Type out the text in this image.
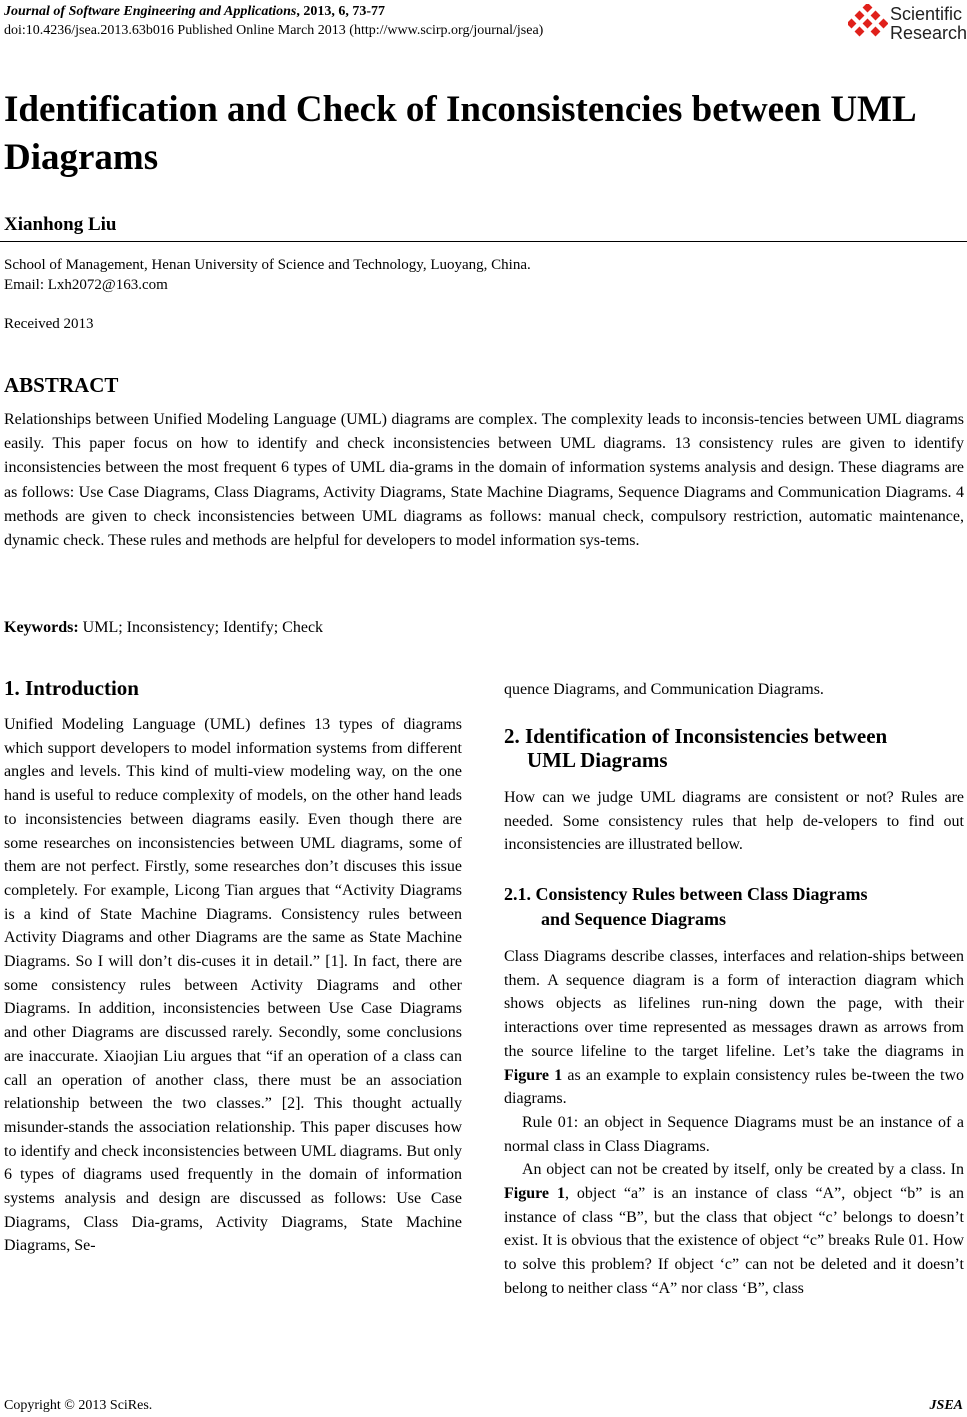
Journal of Software Engineering and Applications, 2013, 6, 73-77
doi:10.4236/jsea.2013.63b016 Published Online March 2013 (http://www.scirp.org/journal/jsea)
Scientific
Research
Identification and Check of Inconsistencies between UML Diagrams
Xianhong Liu
School of Management, Henan University of Science and Technology, Luoyang, China.
Email: Lxh2072@163.com
Received 2013
ABSTRACT
Relationships between Unified Modeling Language (UML) diagrams are complex. The complexity leads to inconsis-tencies between UML diagrams easily. This paper focus on how to identify and check inconsistencies between UML diagrams. 13 consistency rules are given to identify inconsistencies between the most frequent 6 types of UML dia-grams in the domain of information systems analysis and design. These diagrams are as follows: Use Case Diagrams, Class Diagrams, Activity Diagrams, State Machine Diagrams, Sequence Diagrams and Communication Diagrams. 4 methods are given to check inconsistencies between UML diagrams as follows: manual check, compulsory restriction, automatic maintenance, dynamic check. These rules and methods are helpful for developers to model information sys-tems.
Keywords: UML; Inconsistency; Identify; Check
1. Introduction
Unified Modeling Language (UML) defines 13 types of diagrams which support developers to model information systems from different angles and levels. This kind of multi-view modeling way, on the one hand is useful to reduce complexity of models, on the other hand leads to inconsistencies between diagrams easily. Even though there are some researches on inconsistencies between UML diagrams, some of them are not perfect. Firstly, some researches don’t discuses this issue completely. For example, Licong Tian argues that “Activity Diagrams is a kind of State Machine Diagrams. Consistency rules between Activity Diagrams and other Diagrams are the same as State Machine Diagrams. So I will don’t dis-cuses it in detail.” [1]. In fact, there are some consistency rules between Activity Diagrams and other Diagrams. In addition, inconsistencies between Use Case Diagrams and other Diagrams are discussed rarely. Secondly, some conclusions are inaccurate. Xiaojian Liu argues that “if an operation of a class can call an operation of another class, there must be an association relationship between the two classes.” [2]. This thought actually misunder-stands the association relationship. This paper discuses how to identify and check inconsistencies between UML diagrams. But only 6 types of diagrams used frequently in the domain of information systems analysis and design are discussed as follows: Use Case Diagrams, Class Dia-grams, Activity Diagrams, State Machine Diagrams, Se-
quence Diagrams, and Communication Diagrams.
2. Identification of Inconsistencies between
UML Diagrams
How can we judge UML diagrams are consistent or not? Rules are needed. Some consistency rules that help de-velopers to find out inconsistencies are illustrated bellow.
2.1. Consistency Rules between Class Diagrams
and Sequence Diagrams

Class Diagrams describe classes, interfaces and relation-ships between them. A sequence diagram is a form of interaction diagram which shows objects as lifelines run-ning down the page, with their interactions over time represented as messages drawn as arrows from the source lifeline to the target lifeline. Let’s take the diagrams in Figure 1 as an example to explain consistency rules be-tween the two diagrams.

Rule 01: an object in Sequence Diagrams must be an instance of a normal class in Class Diagrams.

An object can not be created by itself, only be created by a class. In Figure 1, object “a” is an instance of class “A”, object “b” is an instance of class “B”, but the class that object “c’ belongs to doesn’t exist. It is obvious that the existence of object “c” breaks Rule 01. How to solve this problem? If object ‘c” can not be deleted and it doesn’t belong to neither class “A” nor class ‘B”, class

Copyright © 2013 SciRes.	JSEA
